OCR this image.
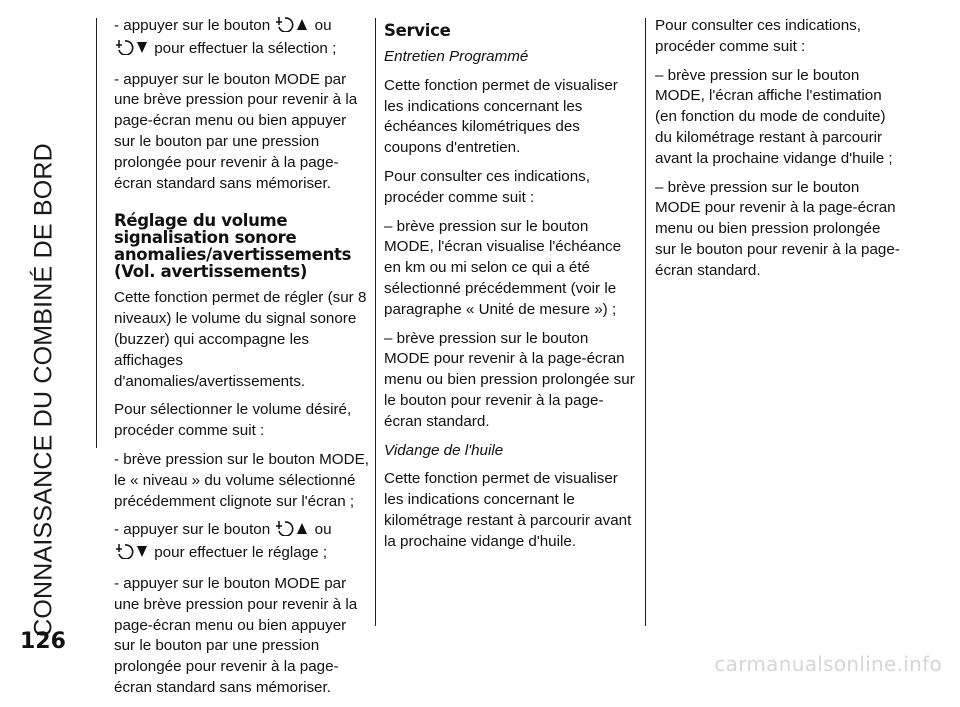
CONNAISSANCE DU COMBINÉ DE BORD
126

- appuyer sur le bouton	ou
pour effectuer la sélection ;

- appuyer sur le bouton MODE par une brève pression pour revenir à la page-écran menu ou bien appuyer sur le bouton par une pression prolongée pour revenir à la page-écran standard sans mémoriser.

Réglage du volume signalisation sonore anomalies/avertissements (Vol. avertissements)

Cette fonction permet de régler (sur 8 niveaux) le volume du signal sonore (buzzer) qui accompagne les affichages d'anomalies/avertissements.

Pour sélectionner le volume désiré, procéder comme suit :

- brève pression sur le bouton MODE, le « niveau » du volume sélectionné précédemment clignote sur l'écran ;

- appuyer sur le bouton	ou
pour effectuer le réglage ;

- appuyer sur le bouton MODE par une brève pression pour revenir à la page-écran menu ou bien appuyer sur le bouton par une pression prolongée pour revenir à la page-écran standard sans mémoriser.

Service

Entretien Programmé

Cette fonction permet de visualiser les indications concernant les échéances kilométriques des coupons d'entretien.

Pour consulter ces indications, procéder comme suit :

– brève pression sur le bouton MODE, l'écran visualise l'échéance en km ou mi selon ce qui a été sélectionné précédemment (voir le paragraphe « Unité de mesure ») ;

– brève pression sur le bouton MODE pour revenir à la page-écran menu ou bien pression prolongée sur le bouton pour revenir à la page-écran standard.

Vidange de l'huile

Cette fonction permet de visualiser les indications concernant le kilométrage restant à parcourir avant la prochaine vidange d'huile.

Pour consulter ces indications, procéder comme suit :

– brève pression sur le bouton MODE, l'écran affiche l'estimation (en fonction du mode de conduite) du kilométrage restant à parcourir avant la prochaine vidange d'huile ;

– brève pression sur le bouton MODE pour revenir à la page-écran menu ou bien pression prolongée sur le bouton pour revenir à la page-écran standard.

carmanualsonline.info
